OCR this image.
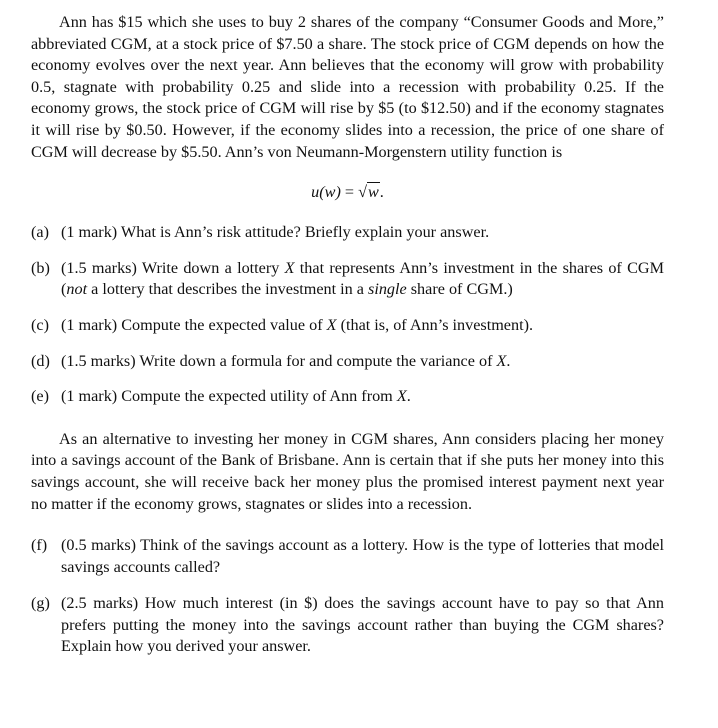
Ann has $15 which she uses to buy 2 shares of the company “Consumer Goods and More,” abbreviated CGM, at a stock price of $7.50 a share. The stock price of CGM depends on how the economy evolves over the next year. Ann believes that the economy will grow with probability 0.5, stagnate with probability 0.25 and slide into a recession with probability 0.25. If the economy grows, the stock price of CGM will rise by $5 (to $12.50) and if the economy stagnates it will rise by $0.50. However, if the economy slides into a recession, the price of one share of CGM will decrease by $5.50. Ann’s von Neumann-Morgenstern utility function is

u(w) = √w.
(a) (1 mark) What is Ann’s risk attitude? Briefly explain your answer.
(b) (1.5 marks) Write down a lottery X that represents Ann’s investment in the shares of CGM (not a lottery that describes the investment in a single share of CGM.)
(c) (1 mark) Compute the expected value of X (that is, of Ann’s investment).
(d) (1.5 marks) Write down a formula for and compute the variance of X.
(e) (1 mark) Compute the expected utility of Ann from X.

As an alternative to investing her money in CGM shares, Ann considers placing her money into a savings account of the Bank of Brisbane. Ann is certain that if she puts her money into this savings account, she will receive back her money plus the promised interest payment next year no matter if the economy grows, stagnates or slides into a recession.

(f) (0.5 marks) Think of the savings account as a lottery. How is the type of lotteries that model savings accounts called?
(g) (2.5 marks) How much interest (in $) does the savings account have to pay so that Ann prefers putting the money into the savings account rather than buying the CGM shares? Explain how you derived your answer.
